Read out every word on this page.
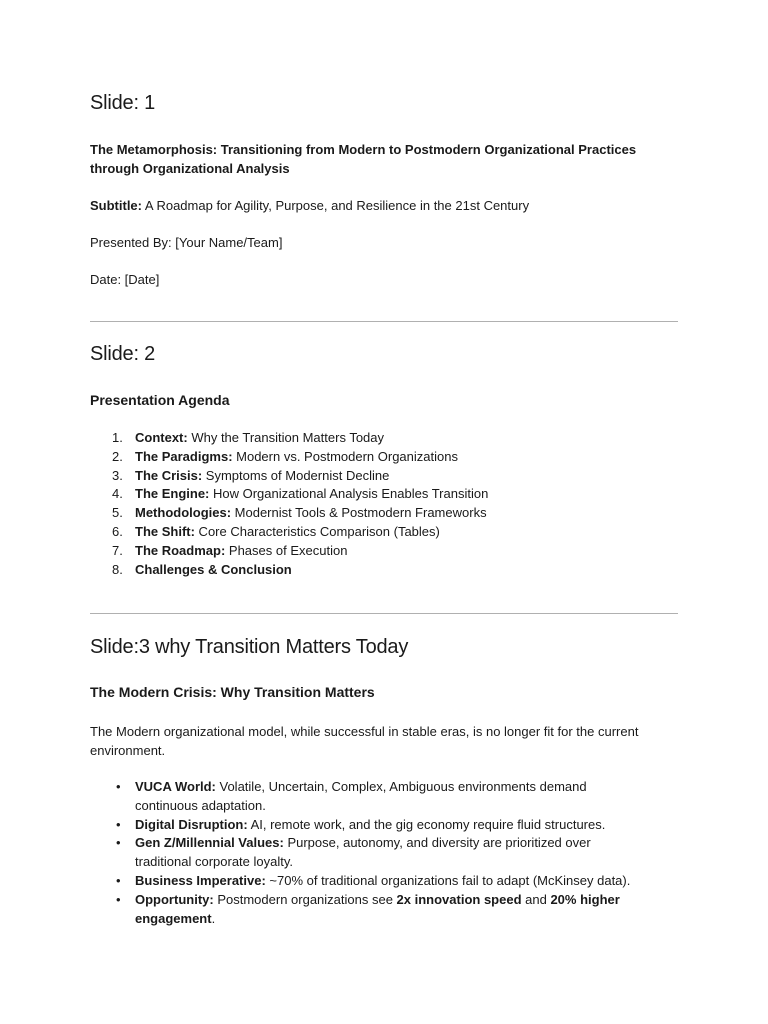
Slide: 1

The Metamorphosis: Transitioning from Modern to Postmodern Organizational Practices

through Organizational Analysis

Subtitle: A Roadmap for Agility, Purpose, and Resilience in the 21st Century

Presented By: [Your Name/Team]

Date: [Date]

Slide: 2
Presentation Agenda
1. Context: Why the Transition Matters Today
2. The Paradigms: Modern vs. Postmodern Organizations
3. The Crisis: Symptoms of Modernist Decline
4. The Engine: How Organizational Analysis Enables Transition
5. Methodologies: Modernist Tools & Postmodern Frameworks
6. The Shift: Core Characteristics Comparison (Tables)
7. The Roadmap: Phases of Execution
8. Challenges & Conclusion
Slide:3 why Transition Matters Today
The Modern Crisis: Why Transition Matters

The Modern organizational model, while successful in stable eras, is no longer fit for the current

environment.

• VUCA World: Volatile, Uncertain, Complex, Ambiguous environments demand
continuous adaptation.
• Digital Disruption: AI, remote work, and the gig economy require fluid structures.
• Gen Z/Millennial Values: Purpose, autonomy, and diversity are prioritized over
traditional corporate loyalty.
• Business Imperative: ~70% of traditional organizations fail to adapt (McKinsey data).
• Opportunity: Postmodern organizations see 2x innovation speed and 20% higher
engagement.
